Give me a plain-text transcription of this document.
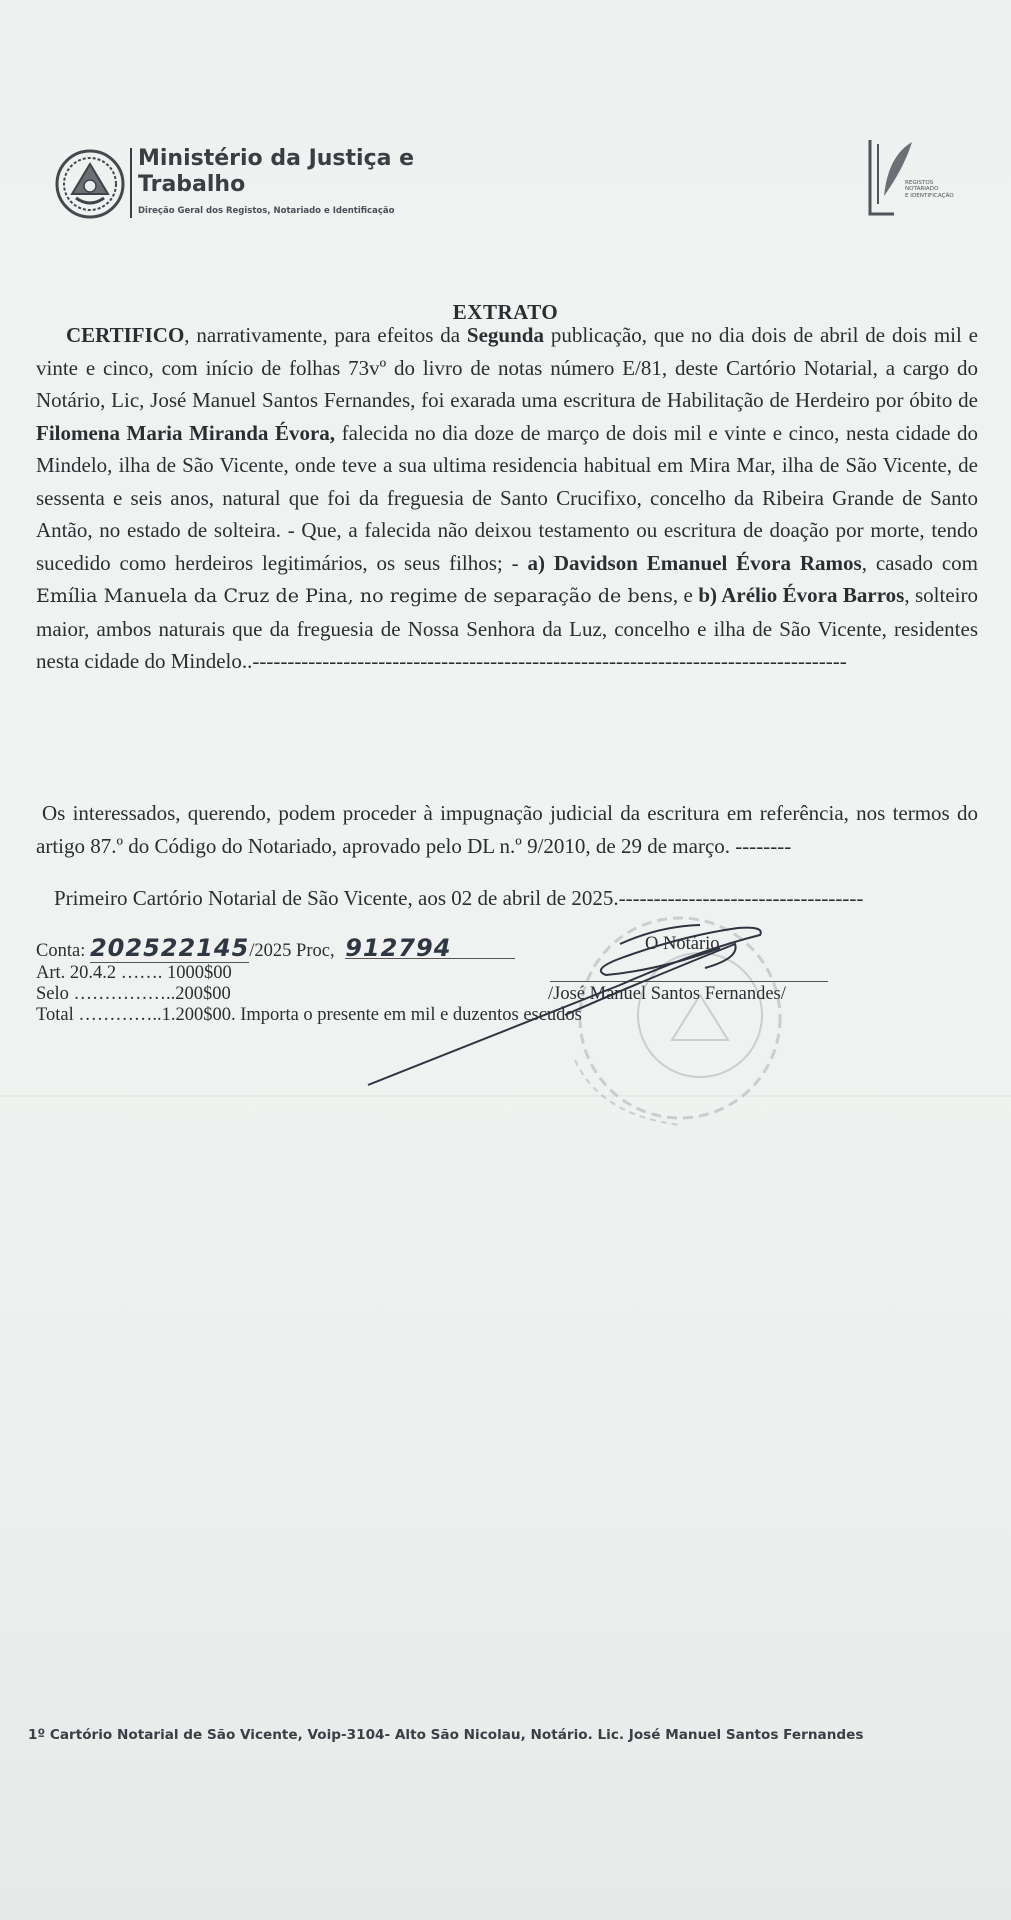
Ministério da Justiça e
Trabalho
Direção Geral dos Registos, Notariado e Identificação
REGISTOS
NOTARIADO
E IDENTIFICAÇÃO
EXTRATO
CERTIFICO, narrativamente, para efeitos da Segunda publicação, que no dia dois de abril de dois mil e vinte e cinco, com início de folhas 73vº do livro de notas número E/81, deste Cartório Notarial, a cargo do Notário, Lic, José Manuel Santos Fernandes, foi exarada uma escritura de Habilitação de Herdeiro por óbito de Filomena Maria Miranda Évora, falecida no dia doze de março de dois mil e vinte e cinco, nesta cidade do Mindelo, ilha de São Vicente, onde teve a sua ultima residencia habitual em Mira Mar, ilha de São Vicente, de sessenta e seis anos, natural que foi da freguesia de Santo Crucifixo, concelho da Ribeira Grande de Santo Antão, no estado de solteira. - Que, a falecida não deixou testamento ou escritura de doação por morte, tendo sucedido como herdeiros legitimários, os seus filhos; - a) Davidson Emanuel Évora Ramos, casado com Emília Manuela da Cruz de Pina, no regime de separação de bens, e b) Arélio Évora Barros, solteiro maior, ambos naturais que da freguesia de Nossa Senhora da Luz, concelho e ilha de São Vicente, residentes nesta cidade do Mindelo..-------------------------------------------------------------------------------------
Os interessados, querendo, podem proceder à impugnação judicial da escritura em referência, nos termos do artigo 87.º do Código do Notariado, aprovado pelo DL n.º 9/2010, de 29 de março. --------
Primeiro Cartório Notarial de São Vicente, aos 02 de abril de 2025.-----------------------------------
Conta: 202522145/2025 Proc, 912794
Art. 20.4.2 ……. 1000$00
Selo ……………..200$00
Total …………..1.200$00. Importa o presente em mil e duzentos escudos
O Notário
/José Manuel Santos Fernandes/
1º Cartório Notarial de São Vicente, Voip-3104- Alto São Nicolau, Notário. Lic. José Manuel Santos Fernandes
